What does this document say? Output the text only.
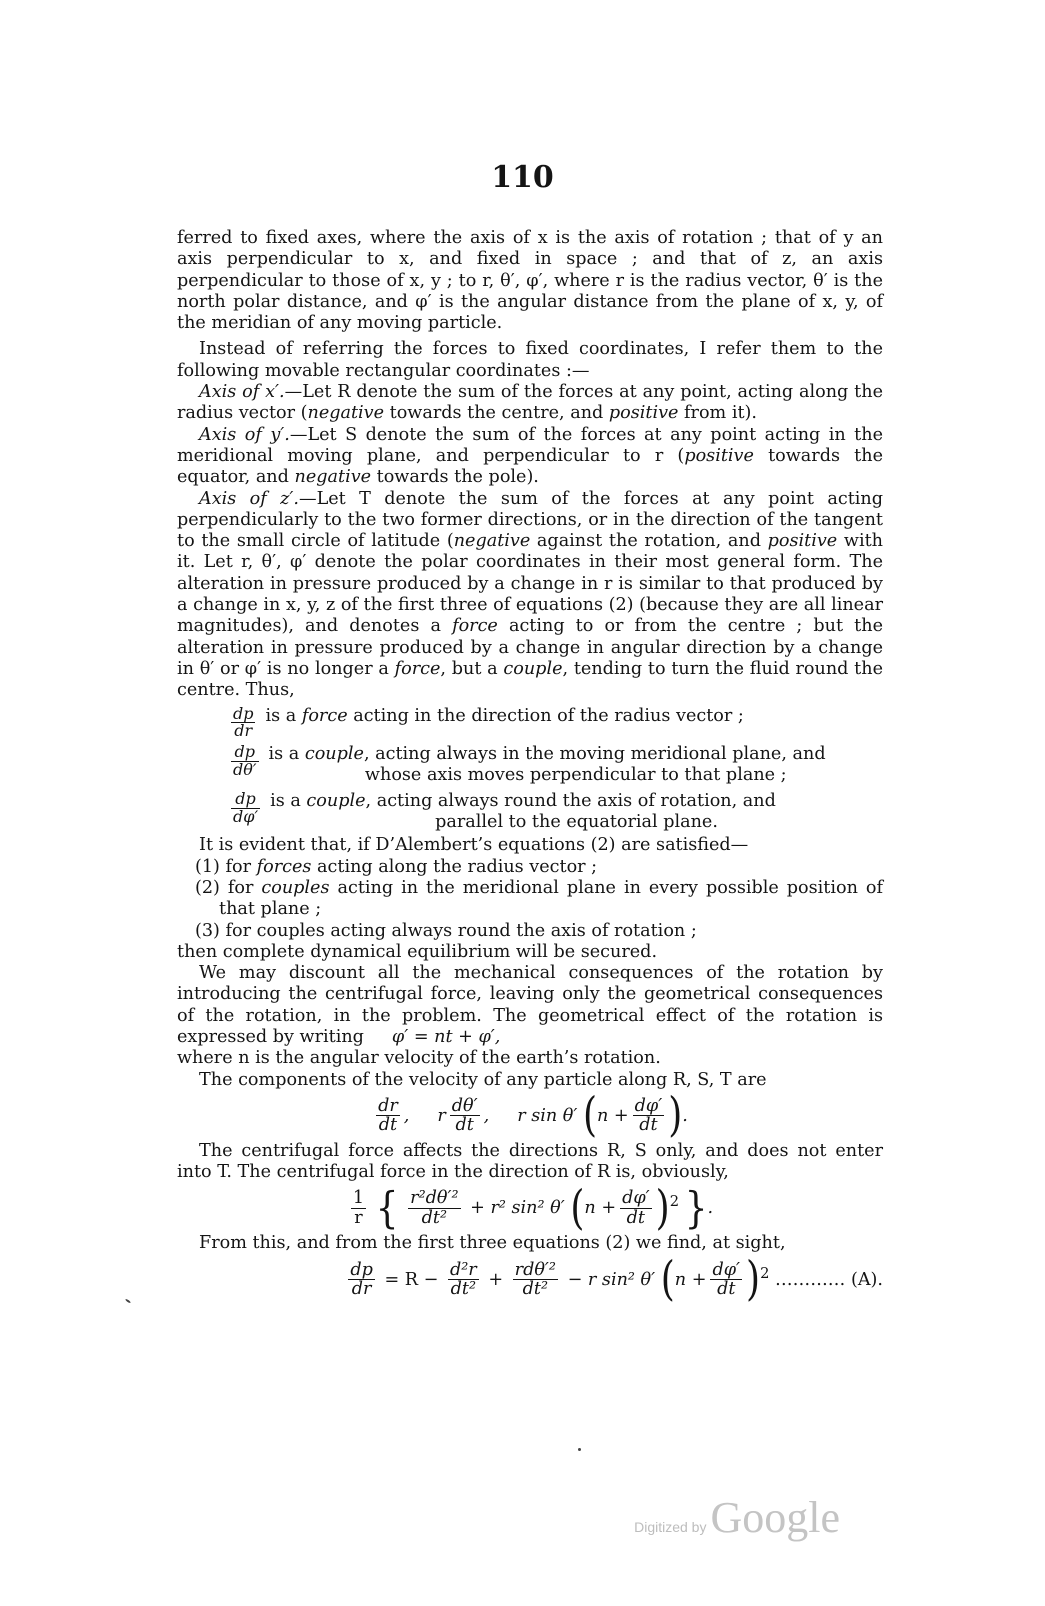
110

ferred to fixed axes, where the axis of x is the axis of rotation ; that of y an axis perpendicular to x, and fixed in space ; and that of z, an axis perpendicular to those of x, y ; to r, θ′, φ′, where r is the radius vector, θ′ is the north polar distance, and φ′ is the angular distance from the plane of x, y, of the meridian of any moving particle.

Instead of referring the forces to fixed coordinates, I refer them to the following movable rectangular coordinates :—

Axis of x′.—Let R denote the sum of the forces at any point, acting along the radius vector (negative towards the centre, and positive from it).

Axis of y′.—Let S denote the sum of the forces at any point acting in the meridional moving plane, and perpendicular to r (positive towards the equator, and negative towards the pole).

Axis of z′.—Let T denote the sum of the forces at any point acting perpendicularly to the two former directions, or in the direction of the tangent to the small circle of latitude (negative against the rotation, and positive with it. Let r, θ′, φ′ denote the polar coordinates in their most general form. The alteration in pressure produced by a change in r is similar to that produced by a change in x, y, z of the first three of equations (2) (because they are all linear magnitudes), and denotes a force acting to or from the centre ; but the alteration in pressure produced by a change in angular direction by a change in θ′ or φ′ is no longer a force, but a couple, tending to turn the fluid round the centre. Thus,

$\frac{dp}{dr}$ is a force acting in the direction of the radius vector ;
$\frac{dp}{d\theta'}$ is a couple, acting always in the moving meridional plane, and
whose axis moves perpendicular to that plane ;
$\frac{dp}{d\varphi'}$ is a couple, acting always round the axis of rotation, and
parallel to the equatorial plane.

It is evident that, if D’Alembert’s equations (2) are satisfied—

(1) for forces acting along the radius vector ;

(2) for couples acting in the meridional plane in every possible position of that plane ;

(3) for couples acting always round the axis of rotation ;

then complete dynamical equilibrium will be secured.

We may discount all the mechanical consequences of the rotation by introducing the centrifugal force, leaving only the geometrical consequences of the rotation, in the problem. The geometrical effect of the rotation is expressed by writing φ′ = nt + φ′,

where n is the angular velocity of the earth’s rotation.

The components of the velocity of any particle along R, S, T are

$\frac{dr}{dt}$ ,     r $\frac{d\theta'}{dt}$ ,     r sin θ′ ($n + \frac{d\varphi'}{dt}$ ).

The centrifugal force affects the directions R, S only, and does not enter into T. The centrifugal force in the direction of R is, obviously,

$\frac{1}{r}$ { $\frac{\text{r²dθ′²}}{\text{dt²}} + r^2$ sin² θ′ $(n + \frac{d\varphi'}{dt} )^2$ }.

From this, and from the first three equations (2) we find, at sight,

$\frac{dp}{dr} = R - \frac{\text{d²r}}{\text{dt²}} + \frac{\text{rdθ′²}}{\text{dt²}} - r$ sin² θ′ $(n + \frac{d\varphi'}{dt} )^2$ ………… (A).
Digitized by Google
